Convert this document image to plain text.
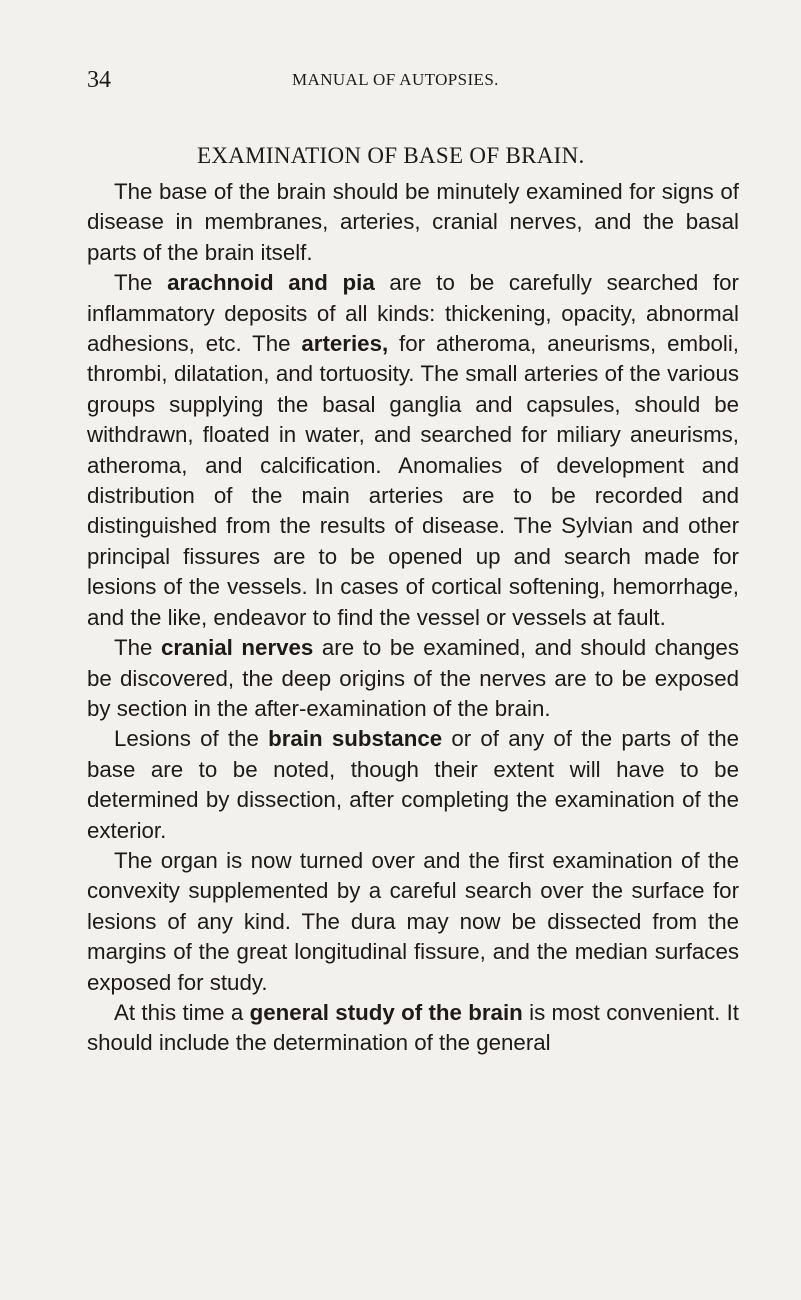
34	MANUAL OF AUTOPSIES.
EXAMINATION OF BASE OF BRAIN.

The base of the brain should be minutely examined for signs of disease in membranes, arteries, cranial nerves, and the basal parts of the brain itself.

The arachnoid and pia are to be carefully searched for inflammatory deposits of all kinds: thickening, opacity, abnormal adhesions, etc. The arteries, for atheroma, aneurisms, emboli, thrombi, dilatation, and tortuosity. The small arteries of the various groups supplying the basal ganglia and capsules, should be withdrawn, floated in water, and searched for miliary aneurisms, atheroma, and calcification. Anomalies of development and distribution of the main arteries are to be recorded and distinguished from the results of disease. The Sylvian and other principal fissures are to be opened up and search made for lesions of the vessels. In cases of cortical softening, hemorrhage, and the like, endeavor to find the vessel or vessels at fault.

The cranial nerves are to be examined, and should changes be discovered, the deep origins of the nerves are to be exposed by section in the after-examination of the brain.

Lesions of the brain substance or of any of the parts of the base are to be noted, though their extent will have to be determined by dissection, after completing the examination of the exterior.

The organ is now turned over and the first examination of the convexity supplemented by a careful search over the surface for lesions of any kind. The dura may now be dissected from the margins of the great longitudinal fissure, and the median surfaces exposed for study.

At this time a general study of the brain is most convenient. It should include the determination of the general
